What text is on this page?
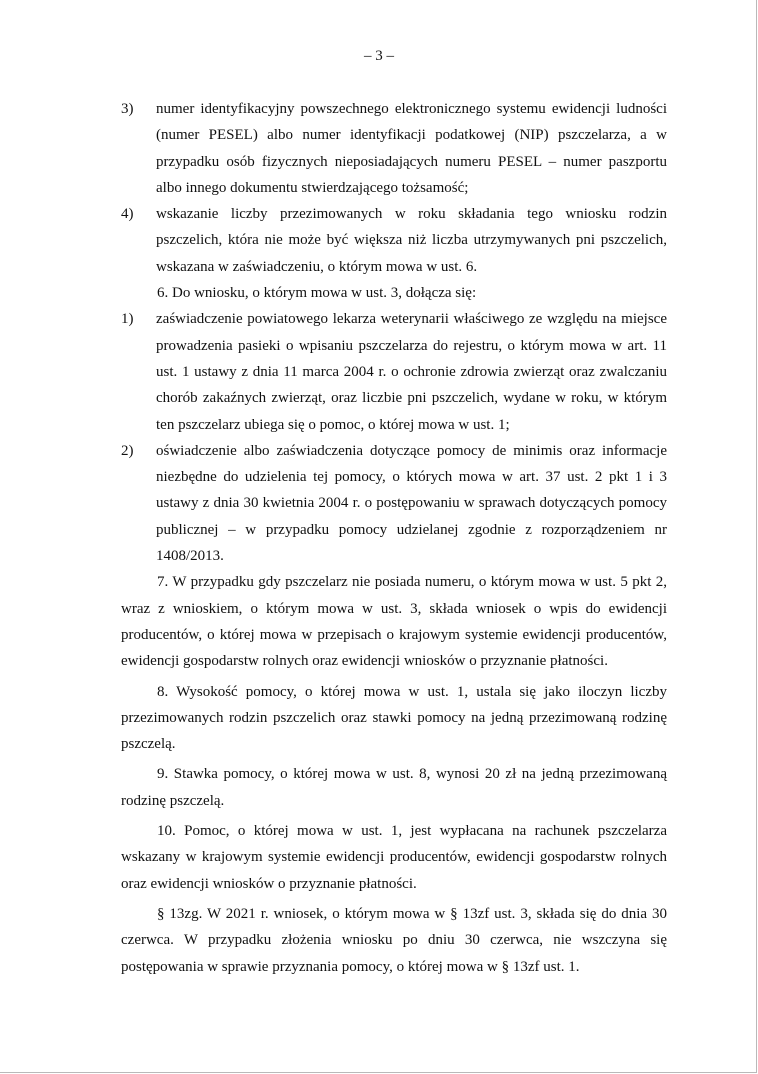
– 3 –
3)	numer identyfikacyjny powszechnego elektronicznego systemu ewidencji ludności (numer PESEL) albo numer identyfikacji podatkowej (NIP) pszczelarza, a w przypadku osób fizycznych nieposiadających numeru PESEL – numer paszportu albo innego dokumentu stwierdzającego tożsamość;
4)	wskazanie liczby przezimowanych w roku składania tego wniosku rodzin pszczelich, która nie może być większa niż liczba utrzymywanych pni pszczelich, wskazana w zaświadczeniu, o którym mowa w ust. 6.

6. Do wniosku, o którym mowa w ust. 3, dołącza się:

1)	zaświadczenie powiatowego lekarza weterynarii właściwego ze względu na miejsce prowadzenia pasieki o wpisaniu pszczelarza do rejestru, o którym mowa w art. 11 ust. 1 ustawy z dnia 11 marca 2004 r. o ochronie zdrowia zwierząt oraz zwalczaniu chorób zakaźnych zwierząt, oraz liczbie pni pszczelich, wydane w roku, w którym ten pszczelarz ubiega się o pomoc, o której mowa w ust. 1;
2)	oświadczenie albo zaświadczenia dotyczące pomocy de minimis oraz informacje niezbędne do udzielenia tej pomocy, o których mowa w art. 37 ust. 2 pkt 1 i 3 ustawy z dnia 30 kwietnia 2004 r. o postępowaniu w sprawach dotyczących pomocy publicznej – w przypadku pomocy udzielanej zgodnie z rozporządzeniem nr 1408/2013.

7. W przypadku gdy pszczelarz nie posiada numeru, o którym mowa w ust. 5 pkt 2, wraz z wnioskiem, o którym mowa w ust. 3, składa wniosek o wpis do ewidencji producentów, o której mowa w przepisach o krajowym systemie ewidencji producentów, ewidencji gospodarstw rolnych oraz ewidencji wniosków o przyznanie płatności.

8. Wysokość pomocy, o której mowa w ust. 1, ustala się jako iloczyn liczby przezimowanych rodzin pszczelich oraz stawki pomocy na jedną przezimowaną rodzinę pszczelą.

9. Stawka pomocy, o której mowa w ust. 8, wynosi 20 zł na jedną przezimowaną rodzinę pszczelą.

10. Pomoc, o której mowa w ust. 1, jest wypłacana na rachunek pszczelarza wskazany w krajowym systemie ewidencji producentów, ewidencji gospodarstw rolnych oraz ewidencji wniosków o przyznanie płatności.

§ 13zg. W 2021 r. wniosek, o którym mowa w § 13zf ust. 3, składa się do dnia 30 czerwca. W przypadku złożenia wniosku po dniu 30 czerwca, nie wszczyna się postępowania w sprawie przyznania pomocy, o której mowa w § 13zf ust. 1.
